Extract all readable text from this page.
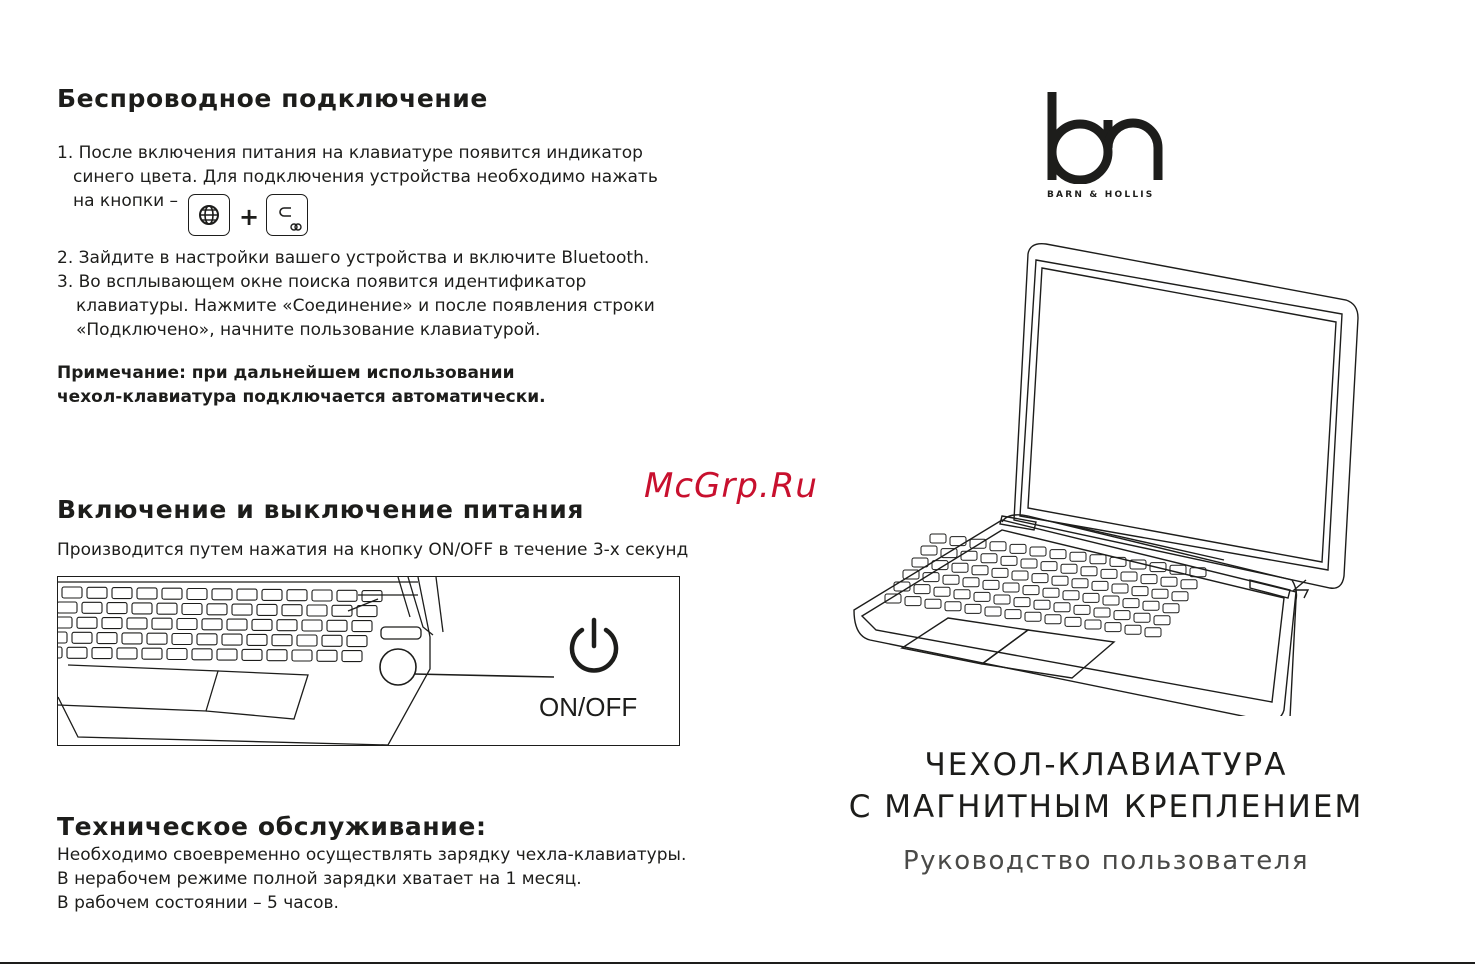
Беспроводное подключение
1. После включения питания на клавиатуре появится индикатор
синего цвета. Для подключения устройства необходимо нажать
на кнопки –
+
2. Зайдите в настройки вашего устройства и включите Bluetooth.
3. Во всплывающем окне поиска появится идентификатор
клавиатуры. Нажмите «Соединение» и после появления строки
«Подключено», начните пользование клавиатурой.
Примечание: при дальнейшем использовании
чехол-клавиатура подключается автоматически.
McGrp.Ru
Включение и выключение питания
Производится путем нажатия на кнопку ON/OFF в течение 3-х секунд
ON/OFF
Техническое обслуживание:
Необходимо своевременно осуществлять зарядку чехла-клавиатуры.
В нерабочем режиме полной зарядки хватает на 1 месяц.
В рабочем состоянии – 5 часов.
BARN & HOLLIS
ЧЕХОЛ-КЛАВИАТУРА
С МАГНИТНЫМ КРЕПЛЕНИЕМ
Руководство пользователя
